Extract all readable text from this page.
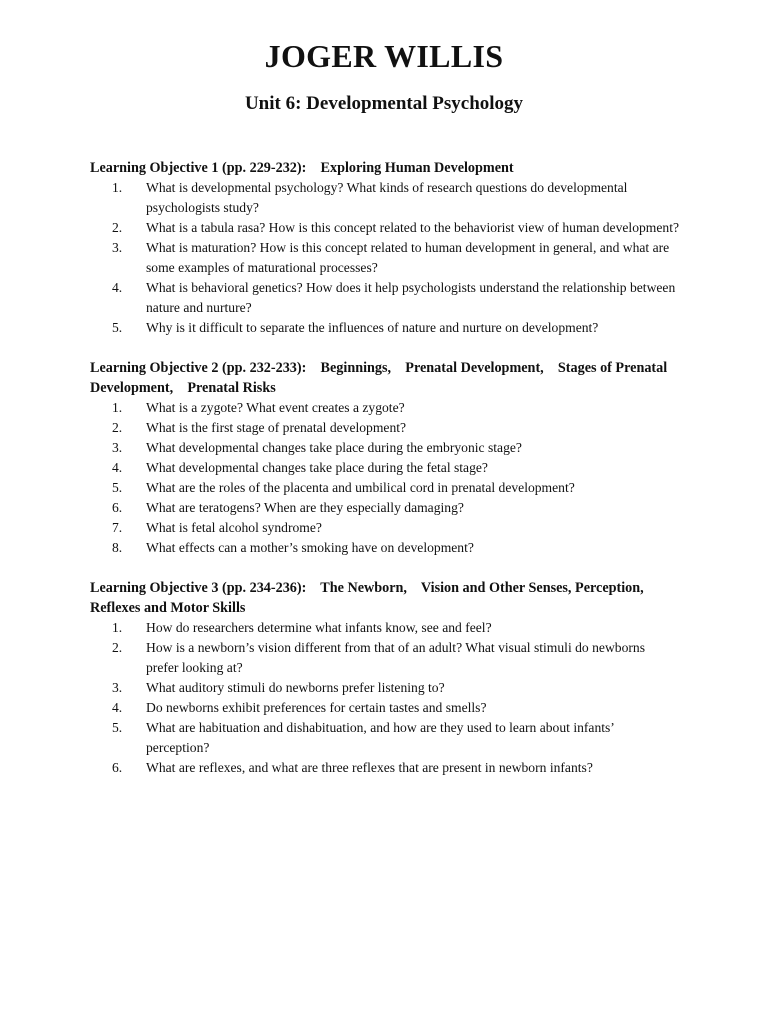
JOGER WILLIS
Unit 6: Developmental Psychology

Learning Objective 1 (pp. 229-232):    Exploring Human Development

1.	What is developmental psychology? What kinds of research questions do developmental psychologists study?
2.	What is a tabula rasa? How is this concept related to the behaviorist view of human development?
3.	What is maturation? How is this concept related to human development in general, and what are some examples of maturational processes?
4.	What is behavioral genetics? How does it help psychologists understand the relationship between nature and nurture?
5.	Why is it difficult to separate the influences of nature and nurture on development?

Learning Objective 2 (pp. 232-233):    Beginnings,    Prenatal Development,    Stages of Prenatal Development,    Prenatal Risks

1.	What is a zygote? What event creates a zygote?
2.	What is the first stage of prenatal development?
3.	What developmental changes take place during the embryonic stage?
4.	What developmental changes take place during the fetal stage?
5.	What are the roles of the placenta and umbilical cord in prenatal development?
6.	What are teratogens? When are they especially damaging?
7.	What is fetal alcohol syndrome?
8.	What effects can a mother’s smoking have on development?

Learning Objective 3 (pp. 234-236):    The Newborn,    Vision and Other Senses, Perception,    Reflexes and Motor Skills

1.	How do researchers determine what infants know, see and feel?
2.	How is a newborn’s vision different from that of an adult? What visual stimuli do newborns prefer looking at?
3.	What auditory stimuli do newborns prefer listening to?
4.	Do newborns exhibit preferences for certain tastes and smells?
5.	What are habituation and dishabituation, and how are they used to learn about infants’ perception?
6.	What are reflexes, and what are three reflexes that are present in newborn infants?
